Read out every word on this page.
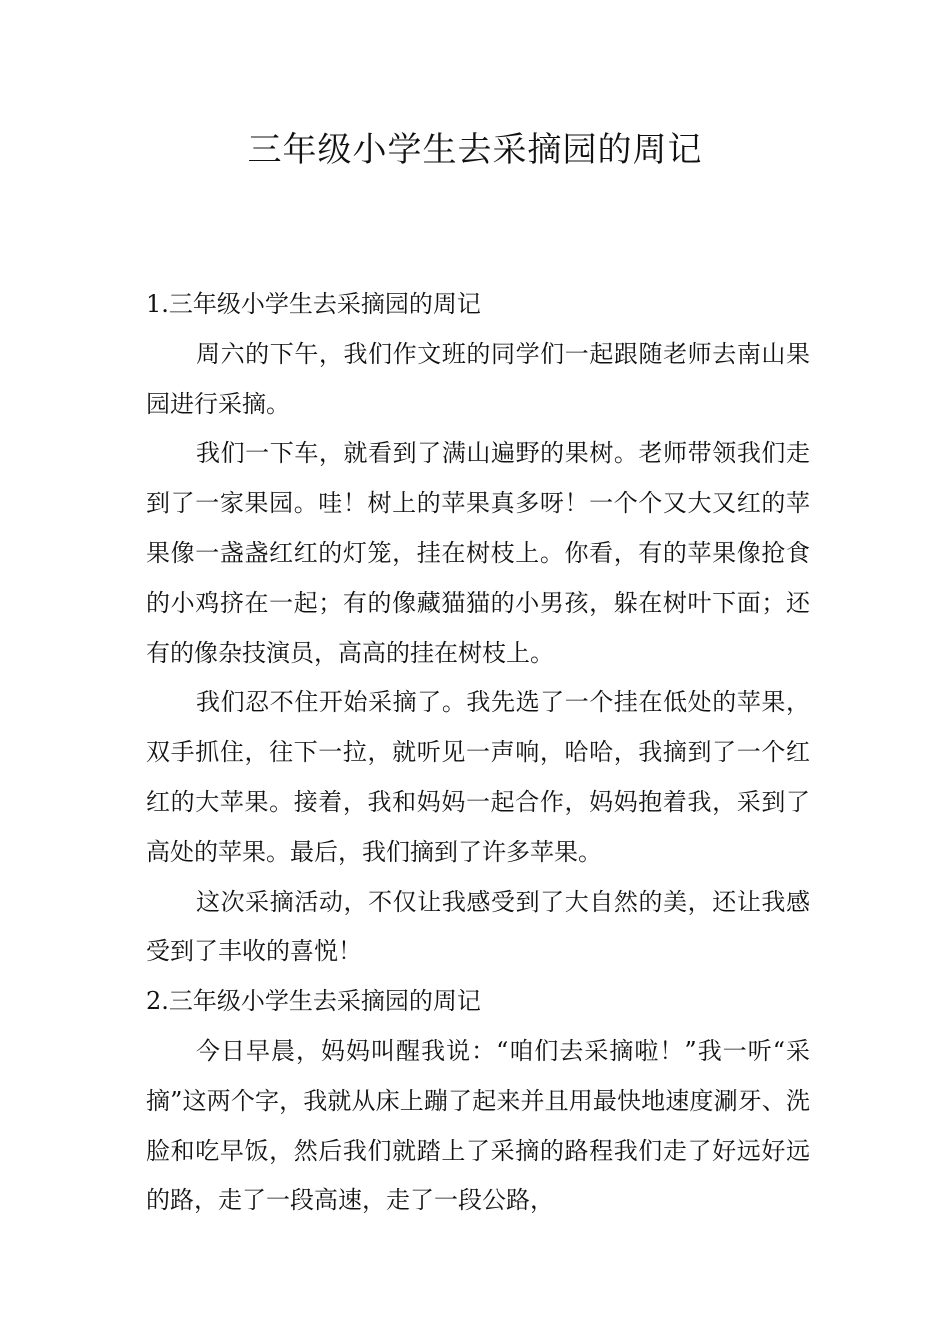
三年级小学生去采摘园的周记

1.三年级小学生去采摘园的周记

周六的下午，我们作文班的同学们一起跟随老师去南山果园进行采摘。

我们一下车，就看到了满山遍野的果树。老师带领我们走到了一家果园。哇！树上的苹果真多呀！一个个又大又红的苹果像一盏盏红红的灯笼，挂在树枝上。你看，有的苹果像抢食的小鸡挤在一起；有的像藏猫猫的小男孩，躲在树叶下面；还有的像杂技演员，高高的挂在树枝上。

我们忍不住开始采摘了。我先选了一个挂在低处的苹果，双手抓住，往下一拉，就听见一声响，哈哈，我摘到了一个红红的大苹果。接着，我和妈妈一起合作，妈妈抱着我，采到了高处的苹果。最后，我们摘到了许多苹果。

这次采摘活动，不仅让我感受到了大自然的美，还让我感受到了丰收的喜悦！

2.三年级小学生去采摘园的周记

今日早晨，妈妈叫醒我说：“咱们去采摘啦！”我一听“采摘”这两个字，我就从床上蹦了起来并且用最快地速度涮牙、洗脸和吃早饭，然后我们就踏上了采摘的路程我们走了好远好远的路，走了一段高速，走了一段公路，
